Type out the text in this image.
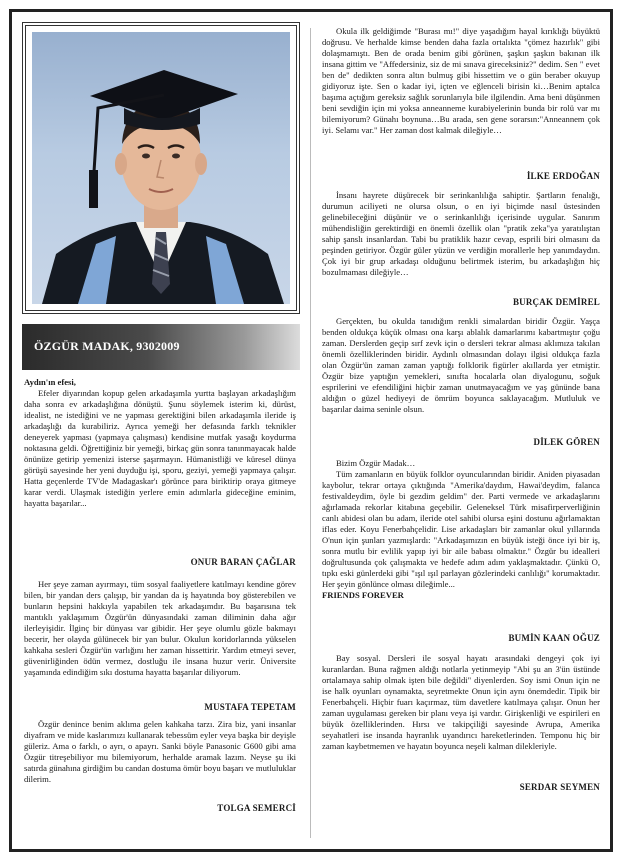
ÖZGÜR MADAK, 9302009

Aydın'ın efesi,

Efeler diyarından kopup gelen arkadaşımla yurtta başlayan arkadaşlığım daha sonra ev arkadaşlığına dönüştü. Şunu söylemek isterim ki, dürüst, idealist, ne istediğini ve ne yapması gerektiğini bilen arkadaşımla ileride iş arkadaşlığı da kurabiliriz. Ayrıca yemeği her defasında farklı teknikler deneyerek yapması (yapmaya çalışması) kendisine mutfak yasağı koydurma noktasına geldi. Öğrettiğiniz bir yemeği, birkaç gün sonra tanınmayacak halde önünüze getirip yemenizi isterse şaşırmayın. Hümanistliği ve küresel dünya görüşü sayesinde her yeni duyduğu işi, sporu, geziyi, yemeği yapmaya çalışır. Hatta geçenlerde TV'de Madagaskar'ı görünce para biriktirip oraya gitmeye karar verdi. Ulaşmak istediğin yerlere emin adımlarla gideceğine eminim, hayatta başarılar...

ONUR BARAN ÇAĞLAR

Her şeye zaman ayırmayı, tüm sosyal faaliyetlere katılmayı kendine görev bilen, bir yandan ders çalışıp, bir yandan da iş hayatında boy gösterebilen ve bunların hepsini hakkıyla yapabilen tek arkadaşımdır. Bu başarısına tek mantıklı yaklaşımım Özgür'ün dünyasındaki zaman diliminin daha ağır ilerleyişidir. İlginç bir dünyası var gibidir. Her şeye olumlu gözle bakmayı becerir, her olayda gülünecek bir yan bulur. Okulun koridorlarında yükselen kahkaha sesleri Özgür'ün varlığını her zaman hissettirir. Yardım etmeyi sever, güvenirliğinden ödün vermez, dostluğu ile insana huzur verir. Üniversite yaşamında edindiğim sıkı dostuma hayatta başarılar diliyorum.

MUSTAFA TEPETAM

Özgür denince benim aklıma gelen kahkaha tarzı. Zira biz, yani insanlar diyafram ve mide kaslarımızı kullanarak tebessüm eyler veya başka bir deyişle güleriz. Ama o farklı, o ayrı, o apayrı. Sanki böyle Panasonic G600 gibi ama Özgür titreşebiliyor mu bilemiyorum, herhalde aramak lazım. Neyse şu iki satırda günahına girdiğim bu candan dostuma ömür boyu başarı ve mutluluklar dilerim.

TOLGA SEMERCİ

Okula ilk geldiğimde "Burası mı!" diye yaşadığım hayal kırıklığı büyüktü doğrusu. Ve herhalde kimse benden daha fazla ortalıkta "çömez hazırlık" gibi dolaşmamıştı. Ben de orada benim gibi görünen, şaşkın şaşkın bakınan ilk insana gittim ve "Affedersiniz, siz de mi sınava gireceksiniz?" dedim. Sen " evet ben de" dedikten sonra altın bulmuş gibi hissettim ve o gün beraber okuyup gidiyoruz işte. Sen o kadar iyi, içten ve eğlenceli birisin ki…Benim aptalca başıma açtığım gereksiz sağlık sorunlarıyla bile ilgilendin. Ama beni düşünmen beni sevdiğin için mi yoksa anneanneme kurabiyelerinin bunda bir rolü var mı bilemiyorum? Günahı boynuna…Bu arada, sen gene sorarsın:"Anneannem çok iyi. Selamı var." Her zaman dost kalmak dileğiyle…

İLKE ERDOĞAN

İnsanı hayrete düşürecek bir serinkanlılığa sahiptir. Şartların fenalığı, durumun aciliyeti ne olursa olsun, o en iyi biçimde nasıl üstesinden gelinebileceğini düşünür ve o serinkanlılığı içerisinde uygular. Sanırım mühendisliğin gerektirdiği en önemli özellik olan "pratik zeka"ya yaratılıştan sahip şanslı insanlardan. Tabi bu pratiklik hazır cevap, esprili biri olmasını da peşinden getiriyor. Özgür güler yüzün ve verdiğin morallerle hep yanımdaydın. Çok iyi bir grup arkadaşı olduğunu belirtmek isterim, bu arkadaşlığın hiç bozulmaması dileğiyle…

BURÇAK DEMİREL

Gerçekten, bu okulda tanıdığım renkli simalardan biridir Özgür. Yaşça benden oldukça küçük olması ona karşı ablalık damarlarımı kabartmıştır çoğu zaman. Derslerden geçip sırf zevk için o dersleri tekrar alması aklımıza takılan önemli özelliklerinden biridir. Aydınlı olmasından dolayı ilgisi oldukça fazla olan Özgür'ün zaman zaman yaptığı folklorik figürler akıllarda yer etmiştir. Özgür bize yaptığın yemekleri, sınıfta hocalarla olan diyalogunu, soğuk esprilerini ve efendiliğini hiçbir zaman unutmayacağım ve yaş gününde bana aldığın o güzel hediyeyi de ömrüm boyunca saklayacağım. Mutluluk ve başarılar daima seninle olsun.

DİLEK GÖREN

Bizim Özgür Madak…

Tüm zamanların en büyük folklor oyuncularından biridir. Aniden piyasadan kaybolur, tekrar ortaya çıktığında "Amerika'daydım, Hawai'deydim, falanca festivaldeydim, öyle bi gezdim geldim" der. Parti vermede ve arkadaşlarını ağırlamada rekorlar kitabına geçebilir. Geleneksel Türk misafirperverliğinin canlı abidesi olan bu adam, ileride otel sahibi olursa eşini dostunu ağırlamaktan iflas eder. Koyu Fenerbahçelidir. Lise arkadaşları bir zamanlar okul yıllarında O'nun için şunları yazmışlardı: "Arkadaşımızın en büyük isteği önce iyi bir iş, sonra mutlu bir evlilik yapıp iyi bir aile babası olmaktır." Özgür bu idealleri doğrultusunda çok çalışmakta ve hedefe adım adım yaklaşmaktadır. Çünkü O, tıpkı eski günlerdeki gibi "ışıl ışıl parlayan gözlerindeki canlılığı" korumaktadır. Her şeyin gönlünce olması dileğimle...

FRIENDS FOREVER

BUMİN KAAN OĞUZ

Bay sosyal. Dersleri ile sosyal hayatı arasındaki dengeyi çok iyi kuranlardan. Buna rağmen aldığı notlarla yetinmeyip "Abi şu an 3'ün üstünde ortalamaya sahip olmak işten bile değildi" diyenlerden. Soy ismi Onun için ne ise halk oyunları oynamakta, seyretmekte Onun için aynı önemdedir. Tipik bir Fenerbahçeli. Hiçbir fuarı kaçırmaz, tüm davetlere katılmaya çalışır. Onun her zaman uygulaması gereken bir planı veya işi vardır. Girişkenliği ve espirileri en büyük özelliklerinden. Hırsı ve takipçiliği sayesinde Avrupa, Amerika seyahatleri ise insanda hayranlık uyandırıcı hareketlerinden. Temponu hiç bir zaman kaybetmemen ve hayatın boyunca neşeli kalman dilekleriyle.

SERDAR SEYMEN
